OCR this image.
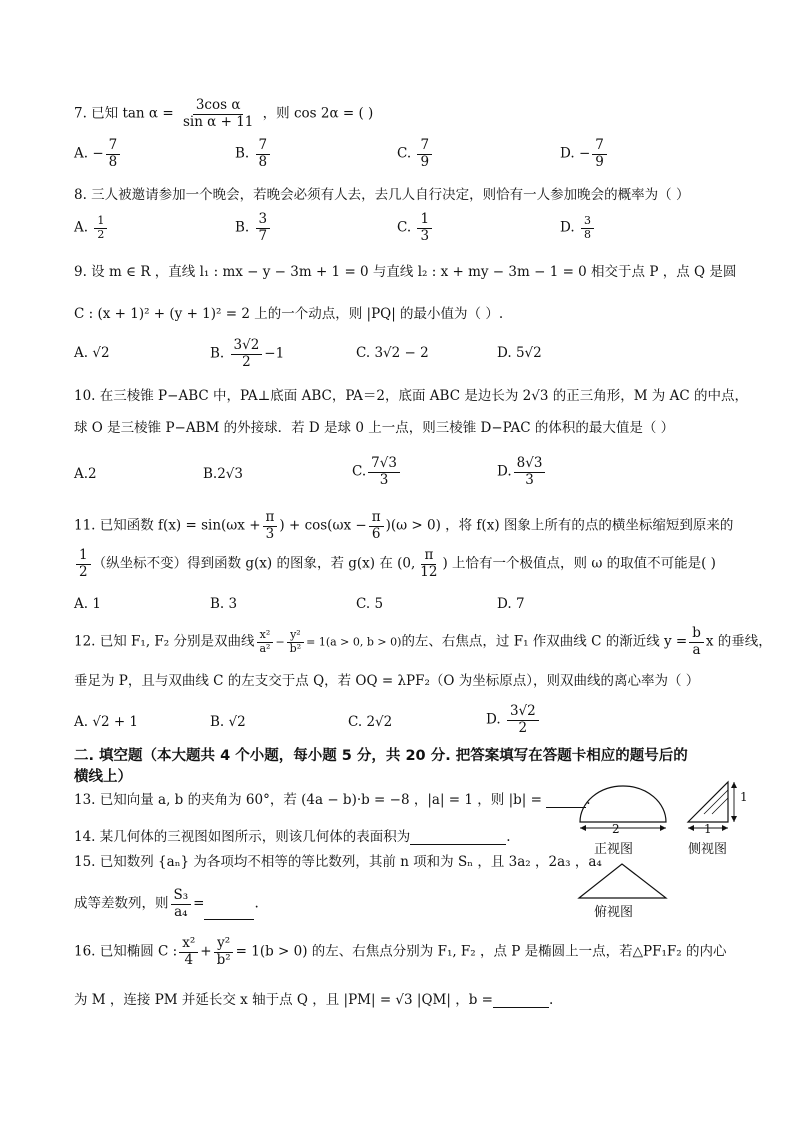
7. 已知 $\tan \alpha = \frac{\text{3cos α}}{\text{sin α + 11}}$ ，则 cos 2α = ( )
A. − $\frac{7}{8}$	B. $\frac{7}{8}$	C. $\frac{7}{9}$	D. − $\frac{7}{9}$
8. 三人被邀请参加一个晚会，若晚会必须有人去，去几人自行决定，则恰有一人参加晚会的概率为（ ）
A. $\frac{1}{2}$	B. $\frac{3}{7}$	C. $\frac{1}{3}$	D. $\frac{3}{8}$
9. 设 m ∈ R ，直线 l₁ : mx − y − 3m + 1 = 0 与直线 l₂ : x + my − 3m − 1 = 0 相交于点 P ，点 Q 是圆
C : (x + 1)² + (y + 1)² = 2 上的一个动点，则 |PQ| 的最小值为（ ）.
A. √2	B. $\frac{3√2}{2} -1$	C. 3√2 − 2	D. 5√2
10. 在三棱锥 P−ABC 中，PA⊥底面 ABC，PA＝2，底面 ABC 是边长为 2√3 的正三角形，M 为 AC 的中点，
球 O 是三棱锥 P−ABM 的外接球．若 D 是球 0 上一点，则三棱锥 D−PAC 的体积的最大值是（ ）
A.2	B.2√3	C. $\frac{7√3}{3}$	D. $\frac{8√3}{3}$
11. 已知函数 $f(x) = \sin(\omega x + \frac{\pi}{3}$ ) + $\cos(\omega x - \frac{\pi}{6} )(\omega > 0)$ ，将 f(x) 图象上所有的点的横坐标缩短到原来的
$\frac{1}{2}$ （纵坐标不变）得到函数 g(x) 的图象，若 g(x) 在 (0, $\frac{\pi}{12}$ ) 上恰有一个极值点，则 ω 的取值不可能是( )
A. 1	B. 3	C. 5	D. 7
12. 已知 F₁, F₂ 分别是双曲线 $\frac{\text{x²}}{\text{a²}} - \frac{\text{y²}}{\text{b²}} = 1(a > 0$, b > 0)的左、右焦点，过 F₁ 作双曲线 C 的渐近线 $y = \frac{b}{a}$ x 的垂线，
垂足为 P，且与双曲线 C 的左支交于点 Q，若 OQ = λPF₂（O 为坐标原点），则双曲线的离心率为（ ）
A. √2 + 1	B. √2	C. 2√2	D. $\frac{3√2}{2}$
二. 填空题（本大题共 4 个小题，每小题 5 分，共 20 分. 把答案填写在答题卡相应的题号后的
横线上）
13. 已知向量 a, b 的夹角为 60°，若 (4a − b)·b = −8 ，|a| = 1 ，则 |b| =	.
14. 某几何体的三视图如图所示，则该几何体的表面积为	.
15. 已知数列 {aₙ} 为各项均不相等的等比数列，其前 n 项和为 Sₙ ，且 3a₂ ，2a₃ ，a₄
成等差数列，则 $\frac{\text{S₃}}{\text{a₄}}$ =	.
16. 已知椭圆 C : $\frac{\text{x²}}{4} + \frac{\text{y²}}{\text{b²}} = 1(b > 0)$ 的左、右焦点分别为 F₁, F₂ ，点 P 是椭圆上一点，若△PF₁F₂ 的内心
为 M ，连接 PM 并延长交 x 轴于点 Q ，且 |PM| = √3 |QM| ，b =	.
2
正视图
1
1
侧视图
俯视图
